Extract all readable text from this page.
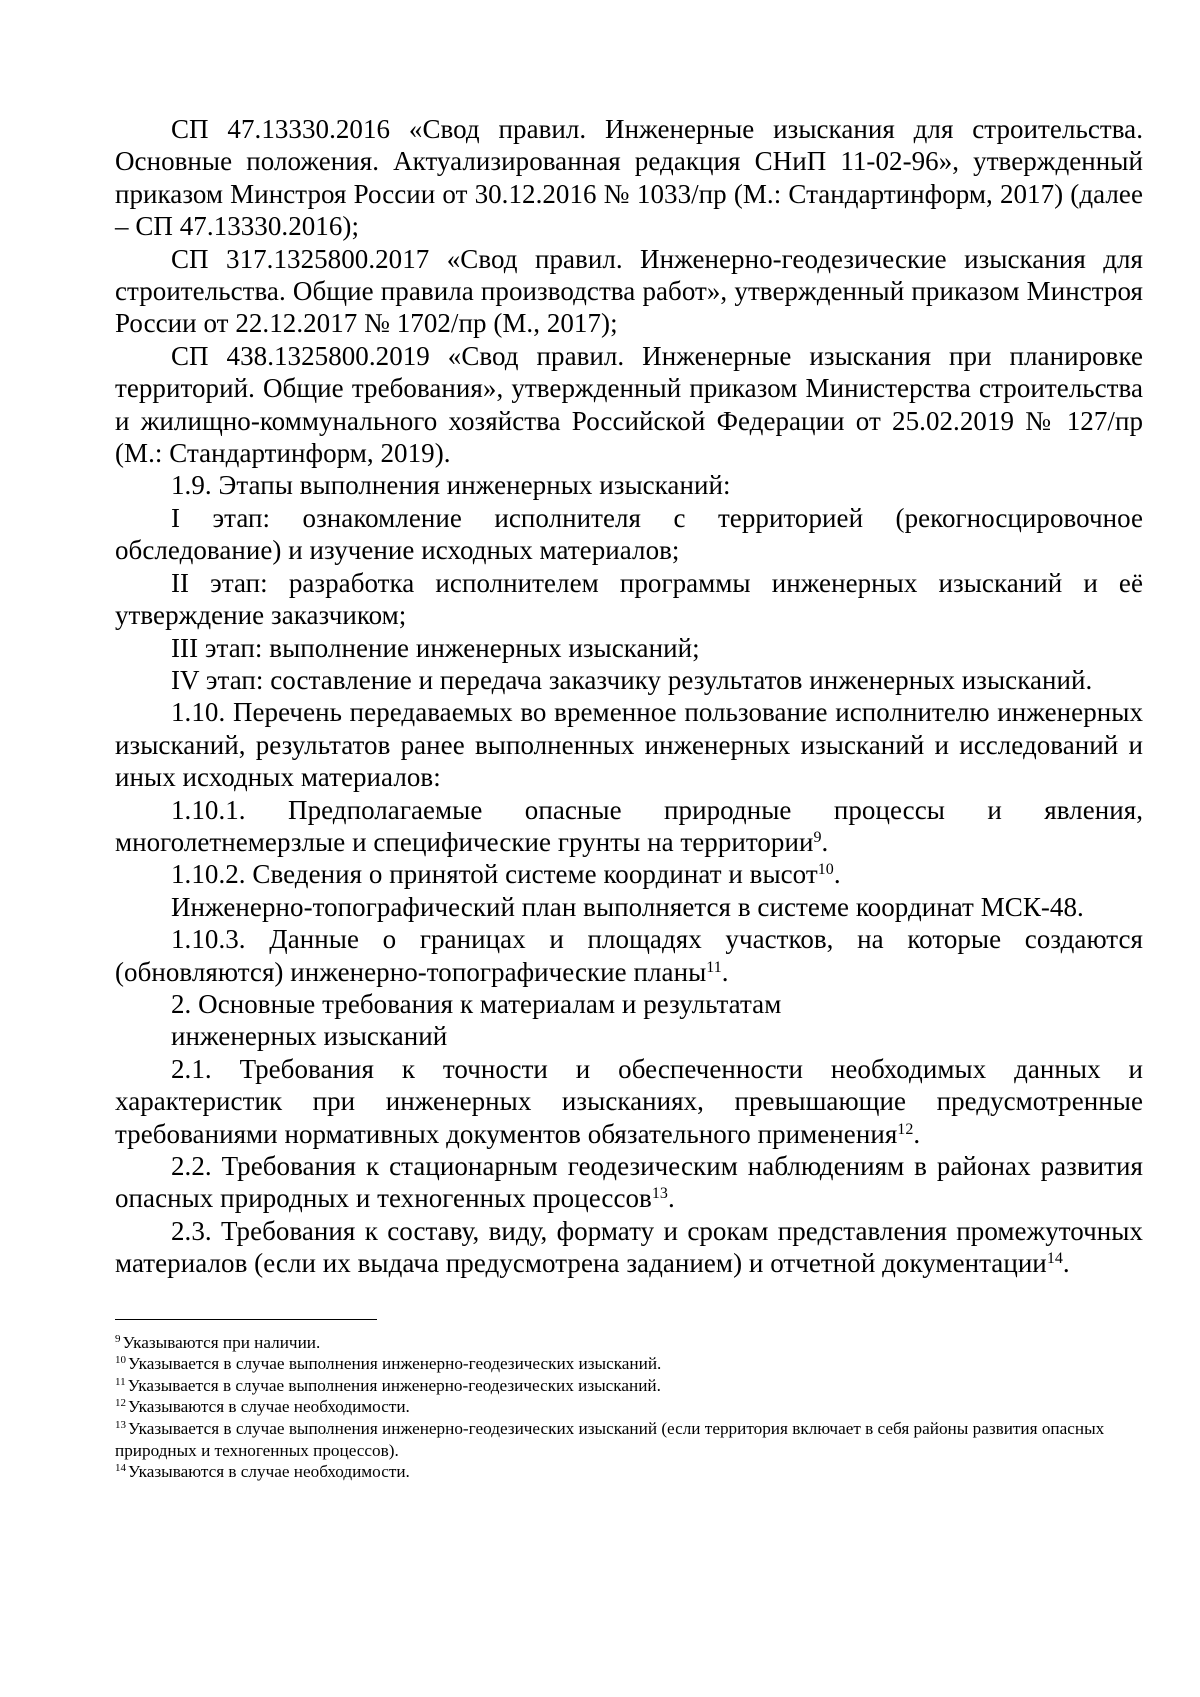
СП 47.13330.2016 «Свод правил. Инженерные изыскания для строительства. Основные положения. Актуализированная редакция СНиП 11-02-96», утвержденный приказом Минстроя России от 30.12.2016 № 1033/пр (М.: Стандартинформ, 2017) (далее – СП 47.13330.2016);

СП 317.1325800.2017 «Свод правил. Инженерно-геодезические изыскания для строительства. Общие правила производства работ», утвержденный приказом Минстроя России от 22.12.2017 № 1702/пр (М., 2017);

СП 438.1325800.2019 «Свод правил. Инженерные изыскания при планировке территорий. Общие требования», утвержденный приказом Министерства строительства и жилищно-коммунального хозяйства Российской Федерации от 25.02.2019 № 127/пр (М.: Стандартинформ, 2019).

1.9. Этапы выполнения инженерных изысканий:

I этап: ознакомление исполнителя с территорией (рекогносцировочное обследование) и изучение исходных материалов;

II этап: разработка исполнителем программы инженерных изысканий и её утверждение заказчиком;

III этап: выполнение инженерных изысканий;

IV этап: составление и передача заказчику результатов инженерных изысканий.

1.10. Перечень передаваемых во временное пользование исполнителю инженерных изысканий, результатов ранее выполненных инженерных изысканий и исследований и иных исходных материалов:

1.10.1. Предполагаемые опасные природные процессы и явления, многолетнемерзлые и специфические грунты на территории$^9$.

1.10.2. Сведения о принятой системе координат и высот$^{10}$.

Инженерно-топографический план выполняется в системе координат МСК-48.

1.10.3. Данные о границах и площадях участков, на которые создаются (обновляются) инженерно-топографические планы$^{11}$.

2. Основные требования к материалам и результатам

инженерных изысканий

2.1. Требования к точности и обеспеченности необходимых данных и характеристик при инженерных изысканиях, превышающие предусмотренные требованиями нормативных документов обязательного применения$^{12}$.

2.2. Требования к стационарным геодезическим наблюдениям в районах развития опасных природных и техногенных процессов$^{13}$.

2.3. Требования к составу, виду, формату и срокам представления промежуточных материалов (если их выдача предусмотрена заданием) и отчетной документации$^{14}$.

$^9$ Указываются при наличии.

$^{10}$ Указывается в случае выполнения инженерно-геодезических изысканий.

$^{11}$ Указывается в случае выполнения инженерно-геодезических изысканий.

$^{12}$ Указываются в случае необходимости.

$^{13}$ Указывается в случае выполнения инженерно-геодезических изысканий (если территория включает в себя районы развития опасных природных и техногенных процессов).

$^{14}$ Указываются в случае необходимости.
